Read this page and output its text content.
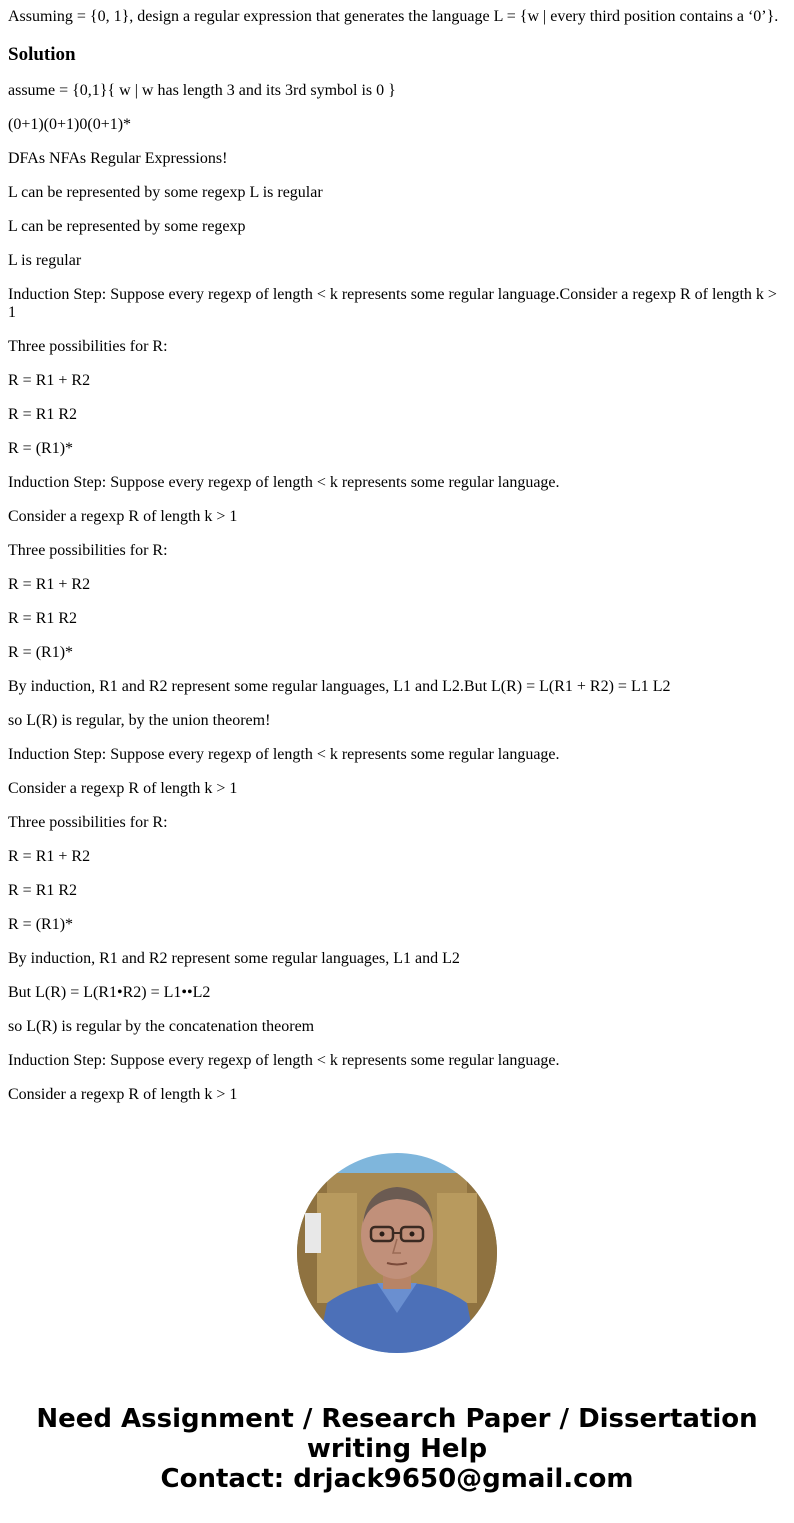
Assuming = {0, 1}, design a regular expression that generates the language L = {w | every third position contains a ‘0’}.

Solution

assume = {0,1}{ w | w has length 3 and its 3rd symbol is 0 }

(0+1)(0+1)0(0+1)*

DFAs NFAs Regular Expressions!

L can be represented by some regexp L is regular

L can be represented by some regexp

L is regular

Induction Step: Suppose every regexp of length < k represents some regular language.Consider a regexp R of length k > 1

Three possibilities for R:

R = R1 + R2

R = R1 R2

R = (R1)*

Induction Step: Suppose every regexp of length < k represents some regular language.

Consider a regexp R of length k > 1

Three possibilities for R:

R = R1 + R2

R = R1 R2

R = (R1)*

By induction, R1 and R2 represent some regular languages, L1 and L2.But L(R) = L(R1 + R2) = L1 L2

so L(R) is regular, by the union theorem!

Induction Step: Suppose every regexp of length < k represents some regular language.

Consider a regexp R of length k > 1

Three possibilities for R:

R = R1 + R2

R = R1 R2

R = (R1)*

By induction, R1 and R2 represent some regular languages, L1 and L2

But L(R) = L(R1•R2) = L1••L2

so L(R) is regular by the concatenation theorem

Induction Step: Suppose every regexp of length < k represents some regular language.

Consider a regexp R of length k > 1

Need Assignment / Research Paper / Dissertation
writing Help
Contact: drjack9650@gmail.com
